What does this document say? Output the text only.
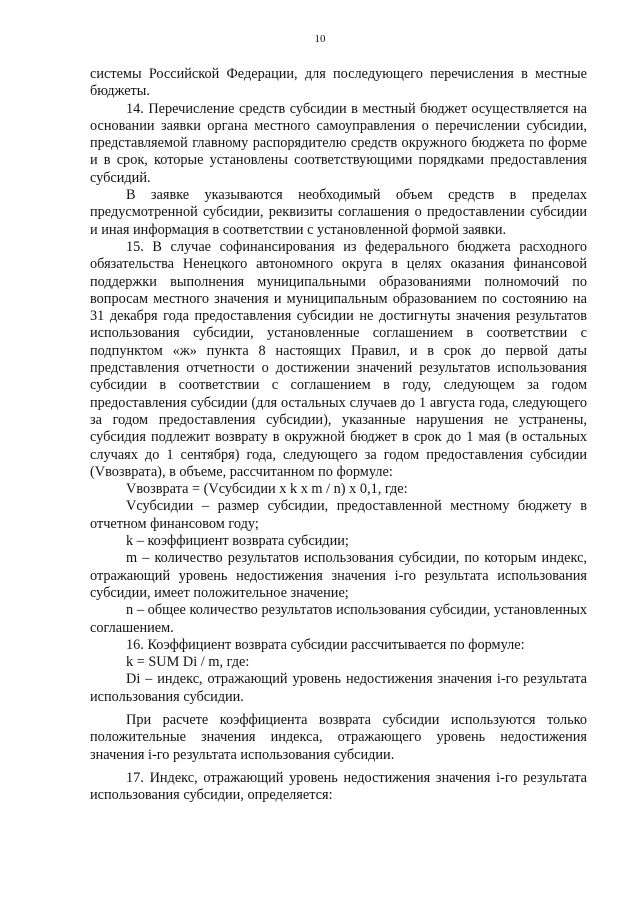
10

системы Российской Федерации, для последующего перечисления в местные бюджеты.

14. Перечисление средств субсидии в местный бюджет осуществляется на основании заявки органа местного самоуправления о перечислении субсидии, представляемой главному распорядителю средств окружного бюджета по форме и в срок, которые установлены соответствующими порядками предоставления субсидий.

В заявке указываются необходимый объем средств в пределах предусмотренной субсидии, реквизиты соглашения о предоставлении субсидии и иная информация в соответствии с установленной формой заявки.

15. В случае софинансирования из федерального бюджета расходного обязательства Ненецкого автономного округа в целях оказания финансовой поддержки выполнения муниципальными образованиями полномочий по вопросам местного значения и муниципальным образованием по состоянию на 31 декабря года предоставления субсидии не достигнуты значения результатов использования субсидии, установленные соглашением в соответствии с подпунктом «ж» пункта 8 настоящих Правил, и в срок до первой даты представления отчетности о достижении значений результатов использования субсидии в соответствии с соглашением в году, следующем за годом предоставления субсидии (для остальных случаев до 1 августа года, следующего за годом предоставления субсидии), указанные нарушения не устранены, субсидия подлежит возврату в окружной бюджет в срок до 1 мая (в остальных случаях до 1 сентября) года, следующего за годом предоставления субсидии (Vвозврата), в объеме, рассчитанном по формуле:

Vвозврата = (Vсубсидии x k x m / n) x 0,1, где:

Vсубсидии – размер субсидии, предоставленной местному бюджету в отчетном финансовом году;

k – коэффициент возврата субсидии;

m – количество результатов использования субсидии, по которым индекс, отражающий уровень недостижения значения i-го результата использования субсидии, имеет положительное значение;

n – общее количество результатов использования субсидии, установленных соглашением.

16. Коэффициент возврата субсидии рассчитывается по формуле:

k = SUM Di / m, где:

Di – индекс, отражающий уровень недостижения значения i-го результата использования субсидии.

При расчете коэффициента возврата субсидии используются только положительные значения индекса, отражающего уровень недостижения значения i-го результата использования субсидии.

17. Индекс, отражающий уровень недостижения значения i-го результата использования субсидии, определяется:
